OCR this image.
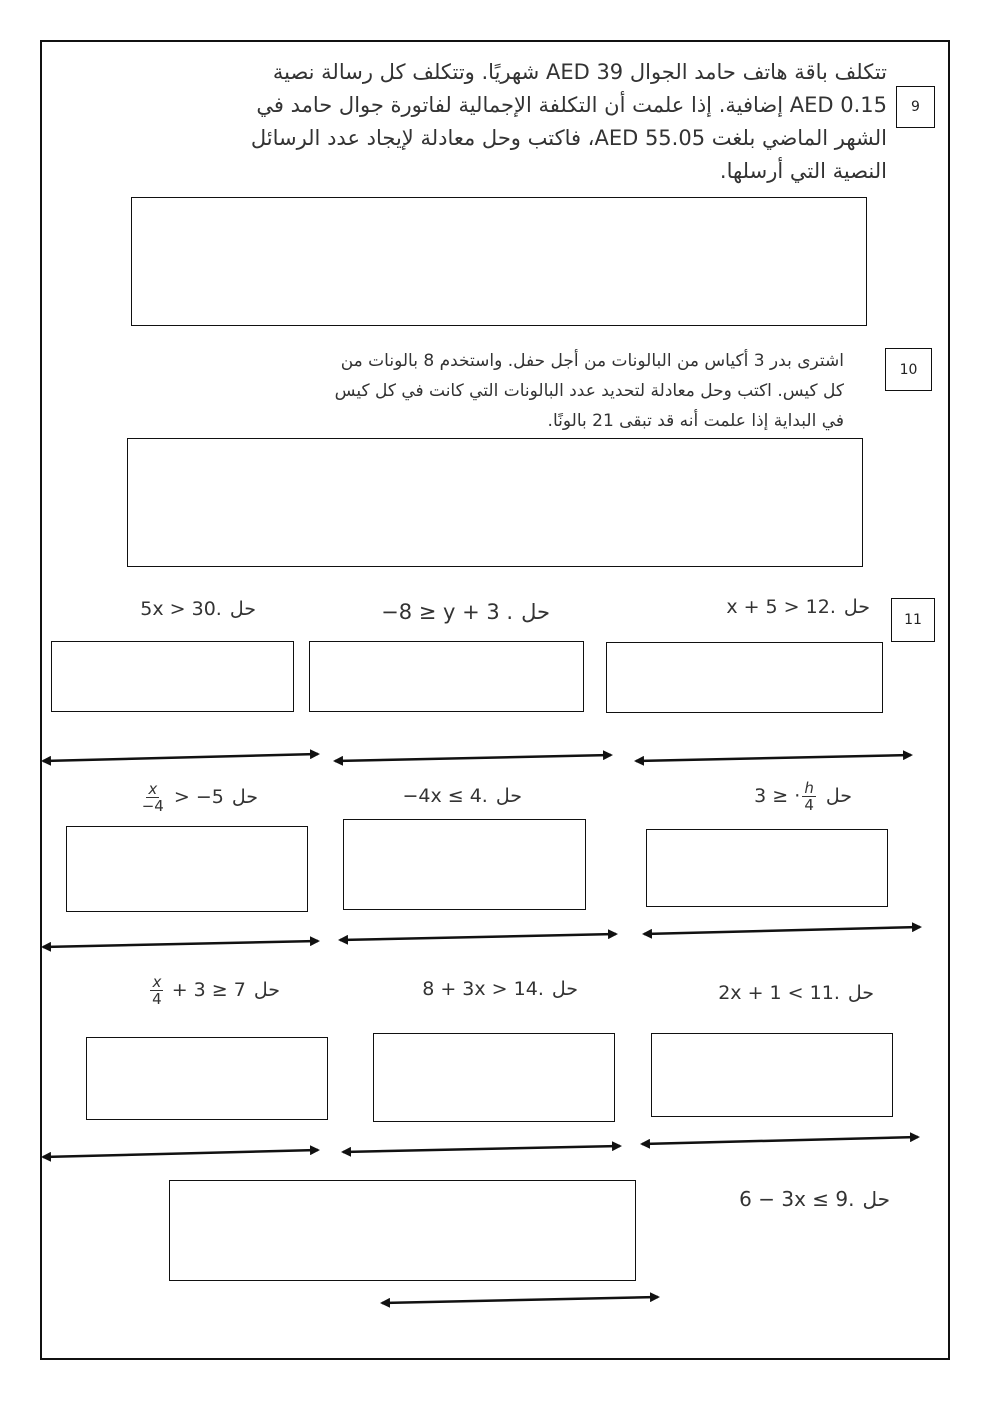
9
تتكلف باقة هاتف حامد الجوال AED 39 شهريًا. وتتكلف كل رسالة نصية
AED 0.15 إضافية. إذا علمت أن التكلفة الإجمالية لفاتورة جوال حامد في
الشهر الماضي بلغت AED 55.05، فاكتب وحل معادلة لإيجاد عدد الرسائل
النصية التي أرسلها.
10
اشترى بدر 3 أكياس من البالونات من أجل حفل. واستخدم 8 بالونات من
كل كيس. اكتب وحل معادلة لتحديد عدد البالونات التي كانت في كل كيس
في البداية إذا علمت أنه قد تبقى 21 بالونًا.
11
حلx + 5 > 12.
حل−8 ≥ y + 3 .
حل5x > 30.
حل3 ≥ · $\frac{h}{4}$
حل−4x ≤ 4.
حل
$\frac{x}{-4} > -5$
حل2x + 1 < 11.
حل8 + 3x > 14.
حل
$\frac{x}{4} + 3 \ge 7$
حل6 − 3x ≤ 9.
